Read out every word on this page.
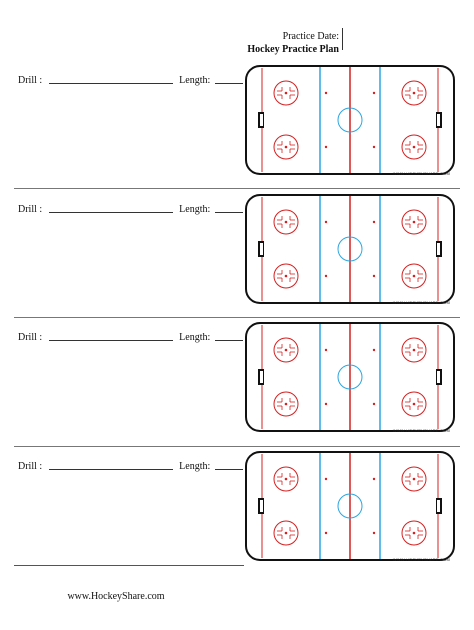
Practice Date:
Hockey Practice Plan
Drill :	Length:
WWW.HOCKEYSHARE.COM
Drill :	Length:
WWW.HOCKEYSHARE.COM
Drill :	Length:
WWW.HOCKEYSHARE.COM
Drill :	Length:
WWW.HOCKEYSHARE.COM
www.HockeyShare.com
